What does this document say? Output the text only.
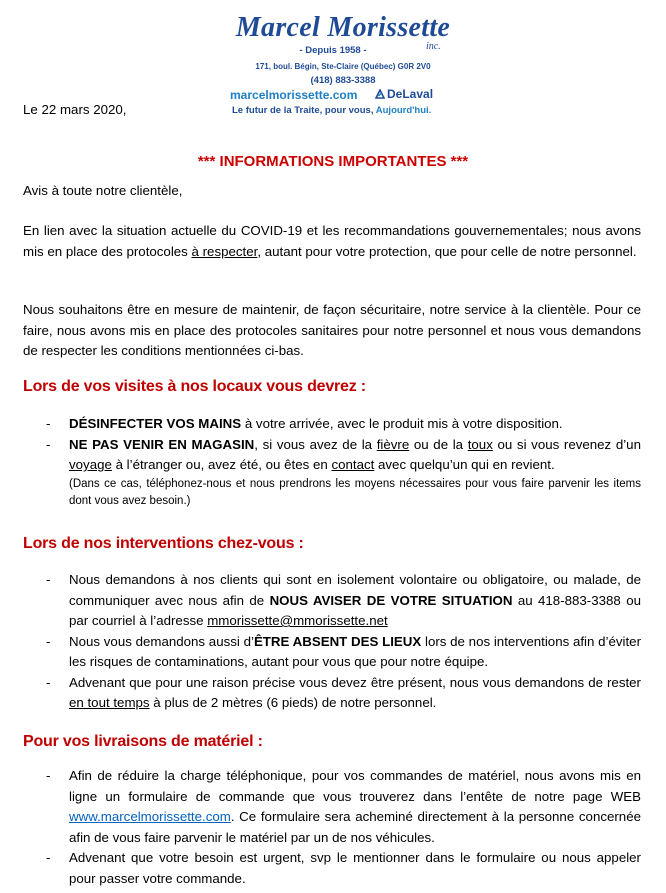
Marcel Morissette
inc.
- Depuis 1958 -
171, boul. Bégin, Ste-Claire (Québec) G0R 2V0
(418) 883-3388
marcelmorissette.com	DeLaval
Le futur de la Traite, pour vous, Aujourd'hui.
Le 22 mars 2020,
*** INFORMATIONS IMPORTANTES ***
Avis à toute notre clientèle,
En lien avec la situation actuelle du COVID-19 et les recommandations gouvernementales; nous avons mis en place des protocoles à respecter, autant pour votre protection, que pour celle de notre personnel.
Nous souhaitons être en mesure de maintenir, de façon sécuritaire, notre service à la clientèle. Pour ce faire, nous avons mis en place des protocoles sanitaires pour notre personnel et nous vous demandons de respecter les conditions mentionnées ci-bas.
Lors de vos visites à nos locaux vous devrez :
- DÉSINFECTER VOS MAINS à votre arrivée, avec le produit mis à votre disposition.
- NE PAS VENIR EN MAGASIN, si vous avez de la fièvre ou de la toux ou si vous revenez d’un voyage à l’étranger ou, avez été, ou êtes en contact avec quelqu’un qui en revient.
(Dans ce cas, téléphonez-nous et nous prendrons les moyens nécessaires pour vous faire parvenir les items dont vous avez besoin.)
Lors de nos interventions chez-vous :
- Nous demandons à nos clients qui sont en isolement volontaire ou obligatoire, ou malade, de communiquer avec nous afin de NOUS AVISER DE VOTRE SITUATION au 418-883-3388 ou par courriel à l’adresse mmorissette@mmorissette.net
- Nous vous demandons aussi d’ÊTRE ABSENT DES LIEUX lors de nos interventions afin d’éviter les risques de contaminations, autant pour vous que pour notre équipe.
- Advenant que pour une raison précise vous devez être présent, nous vous demandons de rester en tout temps à plus de 2 mètres (6 pieds) de notre personnel.
Pour vos livraisons de matériel :
- Afin de réduire la charge téléphonique, pour vos commandes de matériel, nous avons mis en ligne un formulaire de commande que vous trouverez dans l’entête de notre page WEB www.marcelmorissette.com. Ce formulaire sera acheminé directement à la personne concernée afin de vous faire parvenir le matériel par un de nos véhicules.
- Advenant que votre besoin est urgent, svp le mentionner dans le formulaire ou nous appeler pour passer votre commande.
